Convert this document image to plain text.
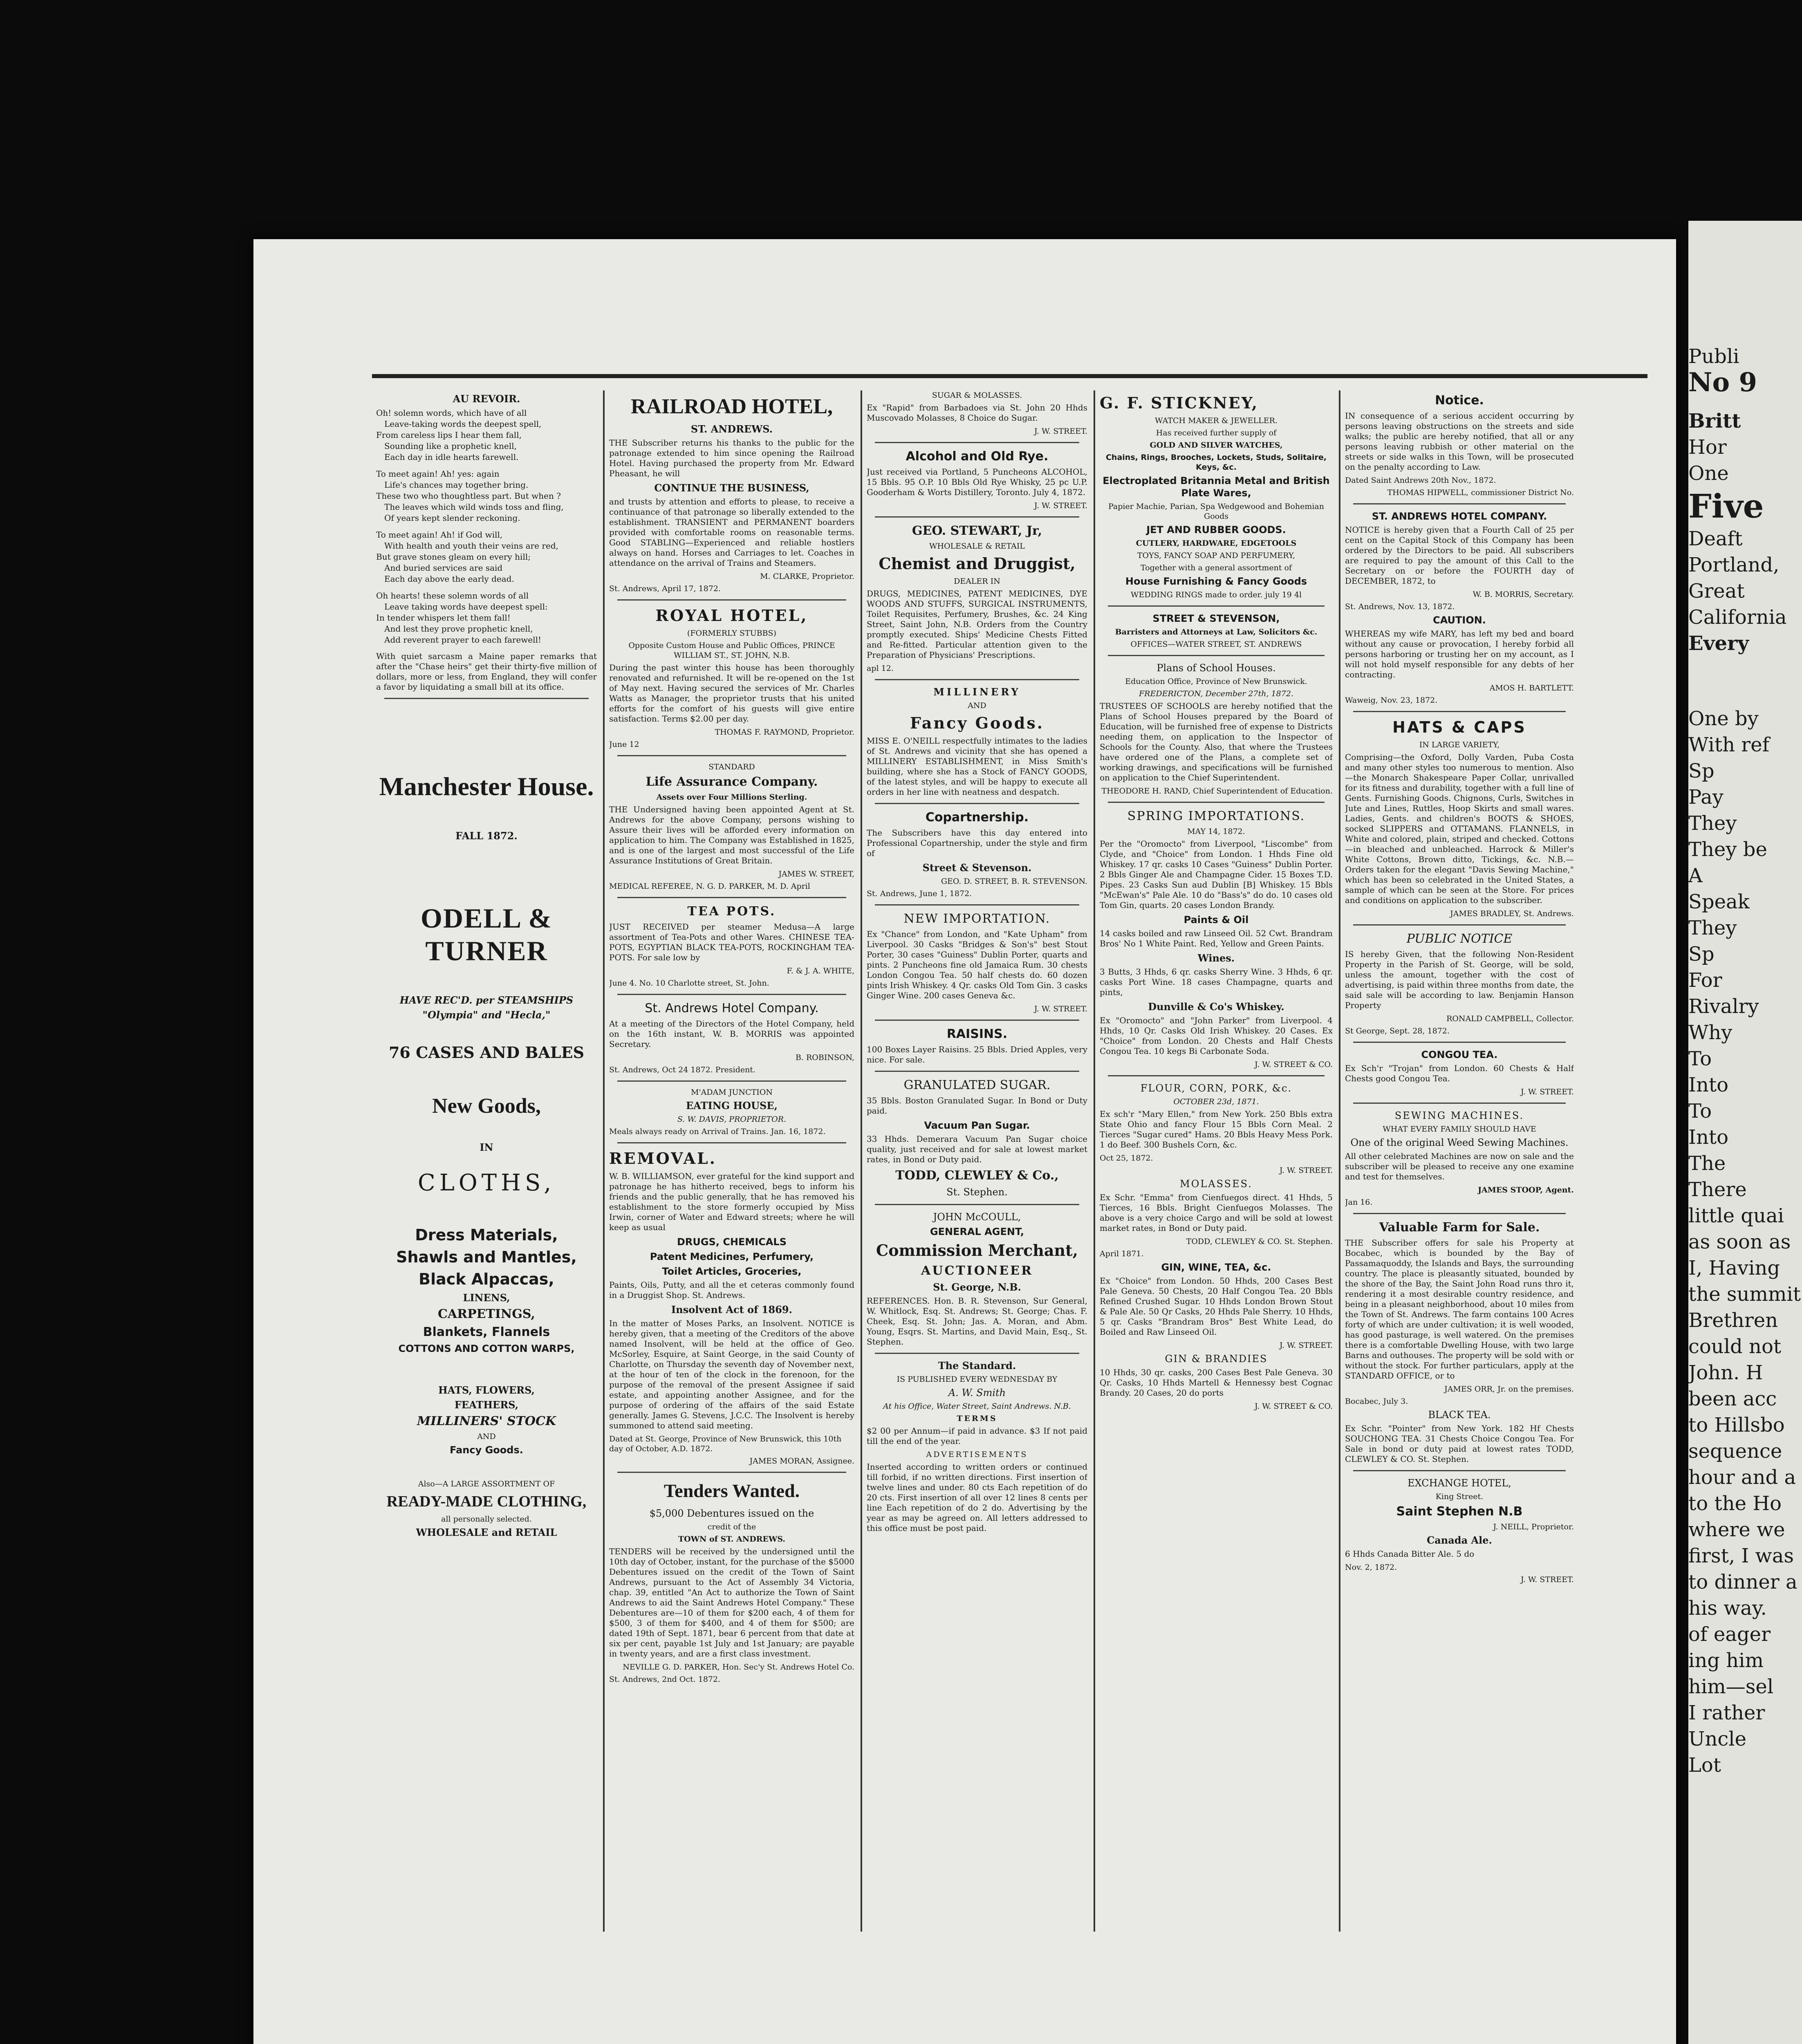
AU REVOIR.
Oh! solemn words, which have of all
Leave-taking words the deepest spell,
From careless lips I hear them fall,
Sounding like a prophetic knell,
Each day in idle hearts farewell.
To meet again! Ah! yes: again
Life's chances may together bring.
These two who thoughtless part. But when ?
The leaves which wild winds toss and fling,
Of years kept slender reckoning.
To meet again! Ah! if God will,
With health and youth their veins are red,
But grave stones gleam on every hill;
And buried services are said
Each day above the early dead.
Oh hearts! these solemn words of all
Leave taking words have deepest spell:
In tender whispers let them fall!
And lest they prove prophetic knell,
Add reverent prayer to each farewell!

With quiet sarcasm a Maine paper remarks that after the "Chase heirs" get their thirty-five million of dollars, more or less, from England, they will confer a favor by liquidating a small bill at its office.

Manchester House.
FALL 1872.
ODELL & TURNER
HAVE REC'D. per STEAMSHIPS
"Olympia" and "Hecla,"
76 CASES AND BALES
New Goods,
IN
CLOTHS,
Dress Materials,
Shawls and Mantles,
Black Alpaccas,
LINENS,
CARPETINGS,
Blankets, Flannels
COTTONS AND COTTON WARPS,
HATS, FLOWERS,
FEATHERS,
MILLINERS' STOCK
AND
Fancy Goods.
Also—A LARGE ASSORTMENT OF
READY-MADE CLOTHING,
all personally selected.
WHOLESALE and RETAIL
RAILROAD HOTEL,
ST. ANDREWS.

THE Subscriber returns his thanks to the public for the patronage extended to him since opening the Railroad Hotel. Having purchased the property from Mr. Edward Pheasant, he will

CONTINUE THE BUSINESS,

and trusts by attention and efforts to please, to receive a continuance of that patronage so liberally extended to the establishment. TRANSIENT and PERMANENT boarders provided with comfortable rooms on reasonable terms. Good STABLING—Experienced and reliable hostlers always on hand. Horses and Carriages to let. Coaches in attendance on the arrival of Trains and Steamers.

M. CLARKE, Proprietor.

St. Andrews, April 17, 1872.

ROYAL HOTEL,
(FORMERLY STUBBS)
Opposite Custom House and Public Offices, PRINCE WILLIAM ST., ST. JOHN, N.B.

During the past winter this house has been thoroughly renovated and refurnished. It will be re-opened on the 1st of May next. Having secured the services of Mr. Charles Watts as Manager, the proprietor trusts that his united efforts for the comfort of his guests will give entire satisfaction. Terms $2.00 per day.

THOMAS F. RAYMOND, Proprietor.

June 12

STANDARD
Life Assurance Company.
Assets over Four Millions Sterling.

THE Undersigned having been appointed Agent at St. Andrews for the above Company, persons wishing to Assure their lives will be afforded every information on application to him. The Company was Established in 1825, and is one of the largest and most successful of the Life Assurance Institutions of Great Britain.

JAMES W. STREET,

MEDICAL REFEREE, N. G. D. PARKER, M. D. April

TEA POTS.

JUST RECEIVED per steamer Medusa—A large assortment of Tea-Pots and other Wares. CHINESE TEA-POTS, EGYPTIAN BLACK TEA-POTS, ROCKINGHAM TEA-POTS. For sale low by

F. & J. A. WHITE,

June 4. No. 10 Charlotte street, St. John.

St. Andrews Hotel Company.

At a meeting of the Directors of the Hotel Company, held on the 16th instant, W. B. MORRIS was appointed Secretary.

B. ROBINSON,

St. Andrews, Oct 24 1872. President.

M'ADAM JUNCTION
EATING HOUSE,
S. W. DAVIS, PROPRIETOR.

Meals always ready on Arrival of Trains. Jan. 16, 1872.

REMOVAL.

W. B. WILLIAMSON, ever grateful for the kind support and patronage he has hitherto received, begs to inform his friends and the public generally, that he has removed his establishment to the store formerly occupied by Miss Irwin, corner of Water and Edward streets; where he will keep as usual

DRUGS, CHEMICALS
Patent Medicines, Perfumery,
Toilet Articles, Groceries,

Paints, Oils, Putty, and all the et ceteras commonly found in a Druggist Shop. St. Andrews.

Insolvent Act of 1869.

In the matter of Moses Parks, an Insolvent. NOTICE is hereby given, that a meeting of the Creditors of the above named Insolvent, will be held at the office of Geo. McSorley, Esquire, at Saint George, in the said County of Charlotte, on Thursday the seventh day of November next, at the hour of ten of the clock in the forenoon, for the purpose of the removal of the present Assignee if said estate, and appointing another Assignee, and for the purpose of ordering of the affairs of the said Estate generally. James G. Stevens, J.C.C. The Insolvent is hereby summoned to attend said meeting.

Dated at St. George, Province of New Brunswick, this 10th day of October, A.D. 1872.

JAMES MORAN, Assignee.

Tenders Wanted.
$5,000 Debentures issued on the
credit of the
TOWN of ST. ANDREWS.

TENDERS will be received by the undersigned until the 10th day of October, instant, for the purchase of the $5000 Debentures issued on the credit of the Town of Saint Andrews, pursuant to the Act of Assembly 34 Victoria, chap. 39, entitled "An Act to authorize the Town of Saint Andrews to aid the Saint Andrews Hotel Company." These Debentures are—10 of them for $200 each, 4 of them for $500, 3 of them for $400, and 4 of them for $500; are dated 19th of Sept. 1871, bear 6 percent from that date at six per cent, payable 1st July and 1st January; are payable in twenty years, and are a first class investment.

NEVILLE G. D. PARKER, Hon. Sec'y St. Andrews Hotel Co.

St. Andrews, 2nd Oct. 1872.

SUGAR & MOLASSES.

Ex "Rapid" from Barbadoes via St. John 20 Hhds Muscovado Molasses, 8 Choice do Sugar.

J. W. STREET.

Alcohol and Old Rye.

Just received via Portland, 5 Puncheons ALCOHOL, 15 Bbls. 95 O.P. 10 Bbls Old Rye Whisky, 25 pc U.P. Gooderham & Worts Distillery, Toronto. July 4, 1872.

J. W. STREET.

GEO. STEWART, Jr,
WHOLESALE & RETAIL
Chemist and Druggist,
DEALER IN

DRUGS, MEDICINES, PATENT MEDICINES, DYE WOODS AND STUFFS, SURGICAL INSTRUMENTS, Toilet Requisites, Perfumery, Brushes, &c. 24 King Street, Saint John, N.B. Orders from the Country promptly executed. Ships' Medicine Chests Fitted and Re-fitted. Particular attention given to the Preparation of Physicians' Prescriptions.

apl 12.

MILLINERY
AND
Fancy Goods.

MISS E. O'NEILL respectfully intimates to the ladies of St. Andrews and vicinity that she has opened a MILLINERY ESTABLISHMENT, in Miss Smith's building, where she has a Stock of FANCY GOODS, of the latest styles, and will be happy to execute all orders in her line with neatness and despatch.

Copartnership.

The Subscribers have this day entered into Professional Copartnership, under the style and firm of

Street & Stevenson.

GEO. D. STREET, B. R. STEVENSON.

St. Andrews, June 1, 1872.

NEW IMPORTATION.

Ex "Chance" from London, and "Kate Upham" from Liverpool. 30 Casks "Bridges & Son's" best Stout Porter, 30 cases "Guiness" Dublin Porter, quarts and pints. 2 Puncheons fine old Jamaica Rum. 30 chests London Congou Tea. 50 half chests do. 60 dozen pints Irish Whiskey. 4 Qr. casks Old Tom Gin. 3 casks Ginger Wine. 200 cases Geneva &c.

J. W. STREET.

RAISINS.

100 Boxes Layer Raisins. 25 Bbls. Dried Apples, very nice. For sale.

GRANULATED SUGAR.

35 Bbls. Boston Granulated Sugar. In Bond or Duty paid.

Vacuum Pan Sugar.

33 Hhds. Demerara Vacuum Pan Sugar choice quality, just received and for sale at lowest market rates, in Bond or Duty paid.

TODD, CLEWLEY & Co.,
St. Stephen.
JOHN McCOULL,
GENERAL AGENT,
Commission Merchant,
AUCTIONEER
St. George, N.B.

REFERENCES. Hon. B. R. Stevenson, Sur General, W. Whitlock, Esq. St. Andrews; St. George; Chas. F. Cheek, Esq. St. John; Jas. A. Moran, and Abm. Young, Esqrs. St. Martins, and David Main, Esq., St. Stephen.

The Standard.
IS PUBLISHED EVERY WEDNESDAY BY
A. W. Smith
At his Office, Water Street, Saint Andrews. N.B.
TERMS

$2 00 per Annum—if paid in advance. $3 If not paid till the end of the year.

ADVERTISEMENTS

Inserted according to written orders or continued till forbid, if no written directions. First insertion of twelve lines and under. 80 cts Each repetition of do 20 cts. First insertion of all over 12 lines 8 cents per line Each repetition of do 2 do. Advertising by the year as may be agreed on. All letters addressed to this office must be post paid.

G. F. STICKNEY,
WATCH MAKER & JEWELLER.
Has received further supply of
GOLD AND SILVER WATCHES,
Chains, Rings, Brooches, Lockets, Studs, Solitaire, Keys, &c.
Electroplated Britannia Metal and British Plate Wares,
Papier Machie, Parian, Spa Wedgewood and Bohemian Goods
JET AND RUBBER GOODS.
CUTLERY, HARDWARE, EDGETOOLS
TOYS, FANCY SOAP AND PERFUMERY,
Together with a general assortment of
House Furnishing & Fancy Goods
WEDDING RINGS made to order. july 19 4l
STREET & STEVENSON,
Barristers and Attorneys at Law, Solicitors &c.
OFFICES—WATER STREET, ST. ANDREWS
Plans of School Houses.
Education Office, Province of New Brunswick.
FREDERICTON, December 27th, 1872.

TRUSTEES OF SCHOOLS are hereby notified that the Plans of School Houses prepared by the Board of Education, will be furnished free of expense to Districts needing them, on application to the Inspector of Schools for the County. Also, that where the Trustees have ordered one of the Plans, a complete set of working drawings, and specifications will be furnished on application to the Chief Superintendent.

THEODORE H. RAND, Chief Superintendent of Education.

SPRING IMPORTATIONS.
MAY 14, 1872.

Per the "Oromocto" from Liverpool, "Liscombe" from Clyde, and "Choice" from London. 1 Hhds Fine old Whiskey. 17 qr. casks 10 Cases "Guiness" Dublin Porter. 2 Bbls Ginger Ale and Champagne Cider. 15 Boxes T.D. Pipes. 23 Casks Sun aud Dublin [B] Whiskey. 15 Bbls "McEwan's" Pale Ale. 10 do "Bass's" do do. 10 cases old Tom Gin, quarts. 20 cases London Brandy.

Paints & Oil

14 casks boiled and raw Linseed Oil. 52 Cwt. Brandram Bros' No 1 White Paint. Red, Yellow and Green Paints.

Wines.

3 Butts, 3 Hhds, 6 qr. casks Sherry Wine. 3 Hhds, 6 qr. casks Port Wine. 18 cases Champagne, quarts and pints,

Dunville & Co's Whiskey.

Ex "Oromocto" and "John Parker" from Liverpool. 4 Hhds, 10 Qr. Casks Old Irish Whiskey. 20 Cases. Ex "Choice" from London. 20 Chests and Half Chests Congou Tea. 10 kegs Bi Carbonate Soda.

J. W. STREET & CO.

FLOUR, CORN, PORK, &c.
OCTOBER 23d, 1871.

Ex sch'r "Mary Ellen," from New York. 250 Bbls extra State Ohio and fancy Flour 15 Bbls Corn Meal. 2 Tierces "Sugar cured" Hams. 20 Bbls Heavy Mess Pork. 1 do Beef. 300 Bushels Corn, &c.

Oct 25, 1872.

J. W. STREET.

MOLASSES.

Ex Schr. "Emma" from Cienfuegos direct. 41 Hhds, 5 Tierces, 16 Bbls. Bright Cienfuegos Molasses. The above is a very choice Cargo and will be sold at lowest market rates, in Bond or Duty paid.

TODD, CLEWLEY & CO. St. Stephen.

April 1871.

GIN, WINE, TEA, &c.

Ex "Choice" from London. 50 Hhds, 200 Cases Best Pale Geneva. 50 Chests, 20 Half Congou Tea. 20 Bbls Refined Crushed Sugar. 10 Hhds London Brown Stout & Pale Ale. 50 Qr Casks, 20 Hhds Pale Sherry. 10 Hhds, 5 qr. Casks "Brandram Bros" Best White Lead, do Boiled and Raw Linseed Oil.

J. W. STREET.

GIN & BRANDIES

10 Hhds, 30 qr. casks, 200 Cases Best Pale Geneva. 30 Qr. Casks, 10 Hhds Martell & Hennessy best Cognac Brandy. 20 Cases, 20 do ports

J. W. STREET & CO.

Notice.

IN consequence of a serious accident occurring by persons leaving obstructions on the streets and side walks; the public are hereby notified, that all or any persons leaving rubbish or other material on the streets or side walks in this Town, will be prosecuted on the penalty according to Law.

Dated Saint Andrews 20th Nov., 1872.

THOMAS HIPWELL, commissioner District No.

ST. ANDREWS HOTEL COMPANY.

NOTICE is hereby given that a Fourth Call of 25 per cent on the Capital Stock of this Company has been ordered by the Directors to be paid. All subscribers are required to pay the amount of this Call to the Secretary on or before the FOURTH day of DECEMBER, 1872, to

W. B. MORRIS, Secretary.

St. Andrews, Nov. 13, 1872.

CAUTION.

WHEREAS my wife MARY, has left my bed and board without any cause or provocation, I hereby forbid all persons harboring or trusting her on my account, as I will not hold myself responsible for any debts of her contracting.

AMOS H. BARTLETT.

Waweig, Nov. 23, 1872.

HATS & CAPS
IN LARGE VARIETY,

Comprising—the Oxford, Dolly Varden, Puba Costa and many other styles too numerous to mention. Also—the Monarch Shakespeare Paper Collar, unrivalled for its fitness and durability, together with a full line of Gents. Furnishing Goods. Chignons, Curls, Switches in Jute and Lines, Ruttles, Hoop Skirts and small wares. Ladies, Gents. and children's BOOTS & SHOES, socked SLIPPERS and OTTAMANS. FLANNELS, in White and colored, plain, striped and checked. Cottons—in bleached and unbleached. Harrock & Miller's White Cottons, Brown ditto, Tickings, &c. N.B.—Orders taken for the elegant "Davis Sewing Machine," which has been so celebrated in the United States, a sample of which can be seen at the Store. For prices and conditions on application to the subscriber.

JAMES BRADLEY, St. Andrews.

PUBLIC NOTICE

IS hereby Given, that the following Non-Resident Property in the Parish of St. George, will be sold, unless the amount, together with the cost of advertising, is paid within three months from date, the said sale will be according to law. Benjamin Hanson Property

RONALD CAMPBELL, Collector.

St George, Sept. 28, 1872.

CONGOU TEA.

Ex Sch'r "Trojan" from London. 60 Chests & Half Chests good Congou Tea.

J. W. STREET.

SEWING MACHINES.
WHAT EVERY FAMILY SHOULD HAVE
One of the original Weed Sewing Machines.

All other celebrated Machines are now on sale and the subscriber will be pleased to receive any one examine and test for themselves.

JAMES STOOP, Agent.

Jan 16.

Valuable Farm for Sale.

THE Subscriber offers for sale his Property at Bocabec, which is bounded by the Bay of Passamaquoddy, the Islands and Bays, the surrounding country. The place is pleasantly situated, bounded by the shore of the Bay, the Saint John Road runs thro it, rendering it a most desirable country residence, and being in a pleasant neighborhood, about 10 miles from the Town of St. Andrews. The farm contains 100 Acres forty of which are under cultivation; it is well wooded, has good pasturage, is well watered. On the premises there is a comfortable Dwelling House, with two large Barns and outhouses. The property will be sold with or without the stock. For further particulars, apply at the STANDARD OFFICE, or to

JAMES ORR, Jr. on the premises.

Bocabec, July 3.

BLACK TEA.

Ex Schr. "Pointer" from New York. 182 Hf Chests SOUCHONG TEA. 31 Chests Choice Congou Tea. For Sale in bond or duty paid at lowest rates TODD, CLEWLEY & CO. St. Stephen.

EXCHANGE HOTEL,
King Street.
Saint Stephen N.B

J. NEILL, Proprietor.

Canada Ale.

6 Hhds Canada Bitter Ale. 5 do

Nov. 2, 1872.

J. W. STREET.

Publi
No 9
Britt
Hor
One
Five
Deaft
Portland,
Great
California
Every
One by
With ref
Sp
Pay
They
They be
A
Speak
They
Sp
For
Rivalry
Why
To
Into
To
Into
The
There
little quai
as soon as
I, Having
the summit
Brethren
could not
John. H
been acc
to Hillsbo
sequence
hour and a
to the Ho
where we
first, I was
to dinner a
his way.
of eager
ing him
him—sel
I rather
Uncle
Lot
